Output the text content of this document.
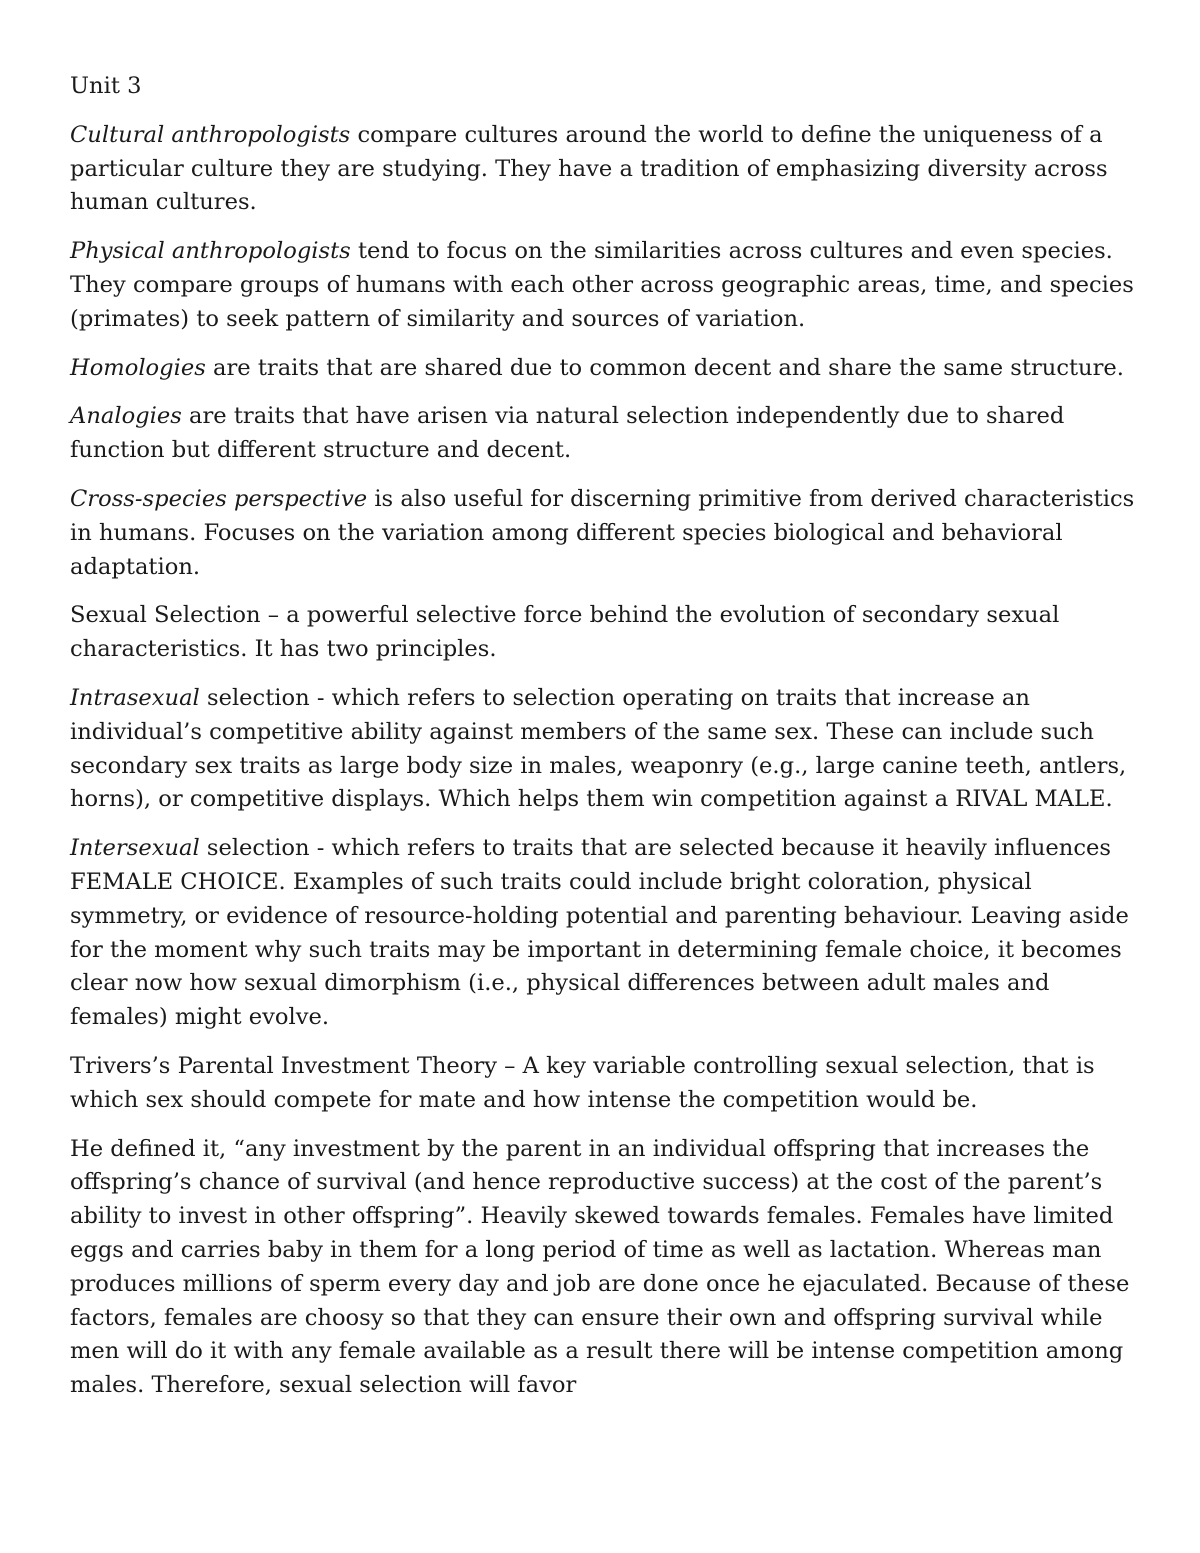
Unit 3

Cultural anthropologists compare cultures around the world to define the uniqueness of a particular culture they are studying. They have a tradition of emphasizing diversity across human cultures.

Physical anthropologists tend to focus on the similarities across cultures and even species. They compare groups of humans with each other across geographic areas, time, and species (primates) to seek pattern of similarity and sources of variation.

Homologies are traits that are shared due to common decent and share the same structure.

Analogies are traits that have arisen via natural selection independently due to shared function but different structure and decent.

Cross-species perspective is also useful for discerning primitive from derived characteristics in humans. Focuses on the variation among different species biological and behavioral adaptation.

Sexual Selection – a powerful selective force behind the evolution of secondary sexual characteristics. It has two principles.

Intrasexual selection - which refers to selection operating on traits that increase an individual’s competitive ability against members of the same sex. These can include such secondary sex traits as large body size in males, weaponry (e.g., large canine teeth, antlers, horns), or competitive displays. Which helps them win competition against a RIVAL MALE.

Intersexual selection - which refers to traits that are selected because it heavily influences FEMALE CHOICE. Examples of such traits could include bright coloration, physical symmetry, or evidence of resource-holding potential and parenting behaviour. Leaving aside for the moment why such traits may be important in determining female choice, it becomes clear now how sexual dimorphism (i.e., physical differences between adult males and females) might evolve.

Trivers’s Parental Investment Theory – A key variable controlling sexual selection, that is which sex should compete for mate and how intense the competition would be.

He defined it, “any investment by the parent in an individual offspring that increases the offspring’s chance of survival (and hence reproductive success) at the cost of the parent’s ability to invest in other offspring”. Heavily skewed towards females. Females have limited eggs and carries baby in them for a long period of time as well as lactation. Whereas man produces millions of sperm every day and job are done once he ejaculated. Because of these factors, females are choosy so that they can ensure their own and offspring survival while men will do it with any female available as a result there will be intense competition among males. Therefore, sexual selection will favor
